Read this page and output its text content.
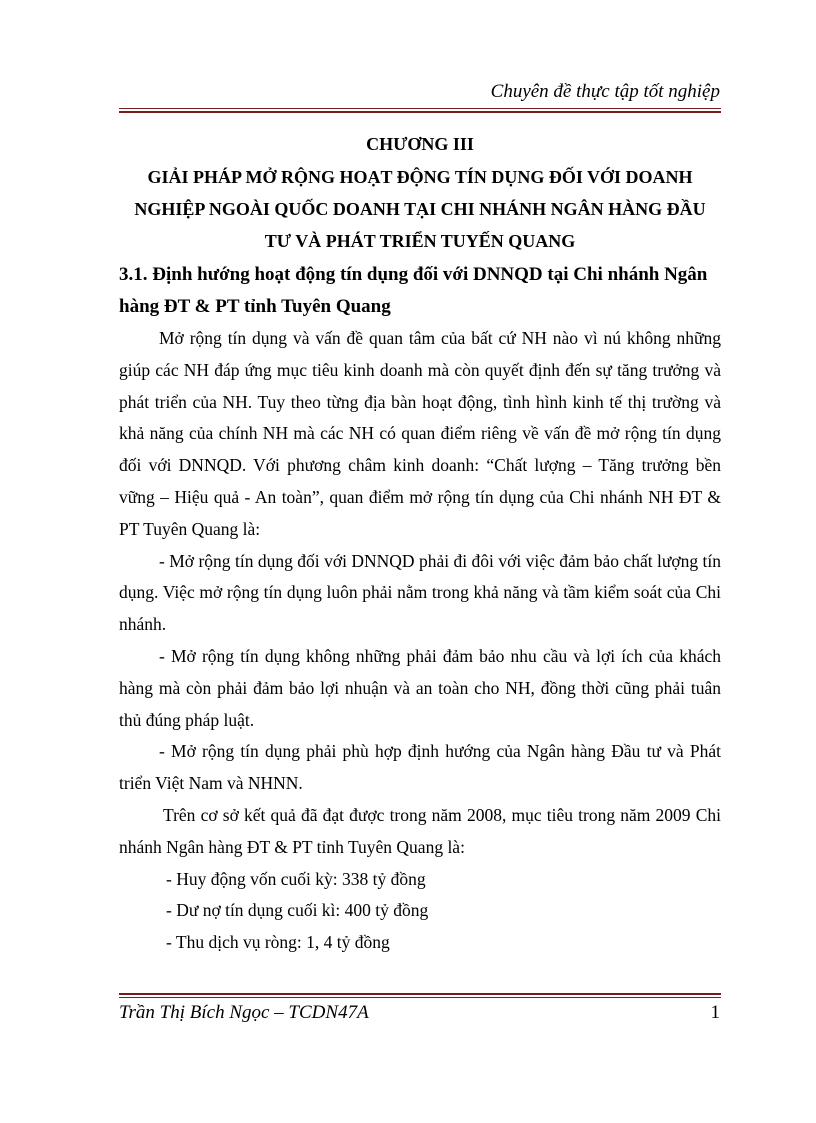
Chuyên đề thực tập tốt nghiệp

CHƯƠNG III

GIẢI PHÁP MỞ RỘNG HOẠT ĐỘNG TÍN DỤNG ĐỐI VỚI DOANH

NGHIỆP NGOÀI QUỐC DOANH TẠI CHI NHÁNH NGÂN HÀNG ĐẦU

TƯ VÀ PHÁT TRIỂN TUYẾN QUANG

3.1. Định hướng hoạt động tín dụng đối với DNNQD tại Chi nhánh Ngân hàng ĐT & PT tỉnh Tuyên Quang

Mở rộng tín dụng và vấn đề quan tâm của bất cứ NH nào vì nú không những giúp các NH đáp ứng mục tiêu kinh doanh mà còn quyết định đến sự tăng trưởng và phát triển của NH. Tuy theo từng địa bàn hoạt động, tình hình kinh tế thị trường và khả năng của chính NH mà các NH có quan điểm riêng về vấn đề mở rộng tín dụng đối với DNNQD. Với phương châm kinh doanh: “Chất lượng – Tăng trưởng bền vững – Hiệu quả - An toàn”, quan điểm mở rộng tín dụng của Chi nhánh NH ĐT & PT Tuyên Quang là:

- Mở rộng tín dụng đối với DNNQD phải đi đôi với việc đảm bảo chất lượng tín dụng. Việc mở rộng tín dụng luôn phải nằm trong khả năng và tầm kiểm soát của Chi nhánh.

- Mở rộng tín dụng không những phải đảm bảo nhu cầu và lợi ích của khách hàng mà còn phải đảm bảo lợi nhuận và an toàn cho NH, đồng thời cũng phải tuân thủ đúng pháp luật.

- Mở rộng tín dụng phải phù hợp định hướng của Ngân hàng Đầu tư và Phát triển Việt Nam và NHNN.

Trên cơ sở kết quả đã đạt được trong năm 2008, mục tiêu trong năm 2009 Chi nhánh Ngân hàng ĐT & PT tỉnh Tuyên Quang là:

- Huy động vốn cuối kỳ: 338 tỷ đồng

- Dư nợ tín dụng cuối kì: 400 tỷ đồng

- Thu dịch vụ ròng: 1, 4 tỷ đồng

Trần Thị Bích Ngọc – TCDN47A	1
